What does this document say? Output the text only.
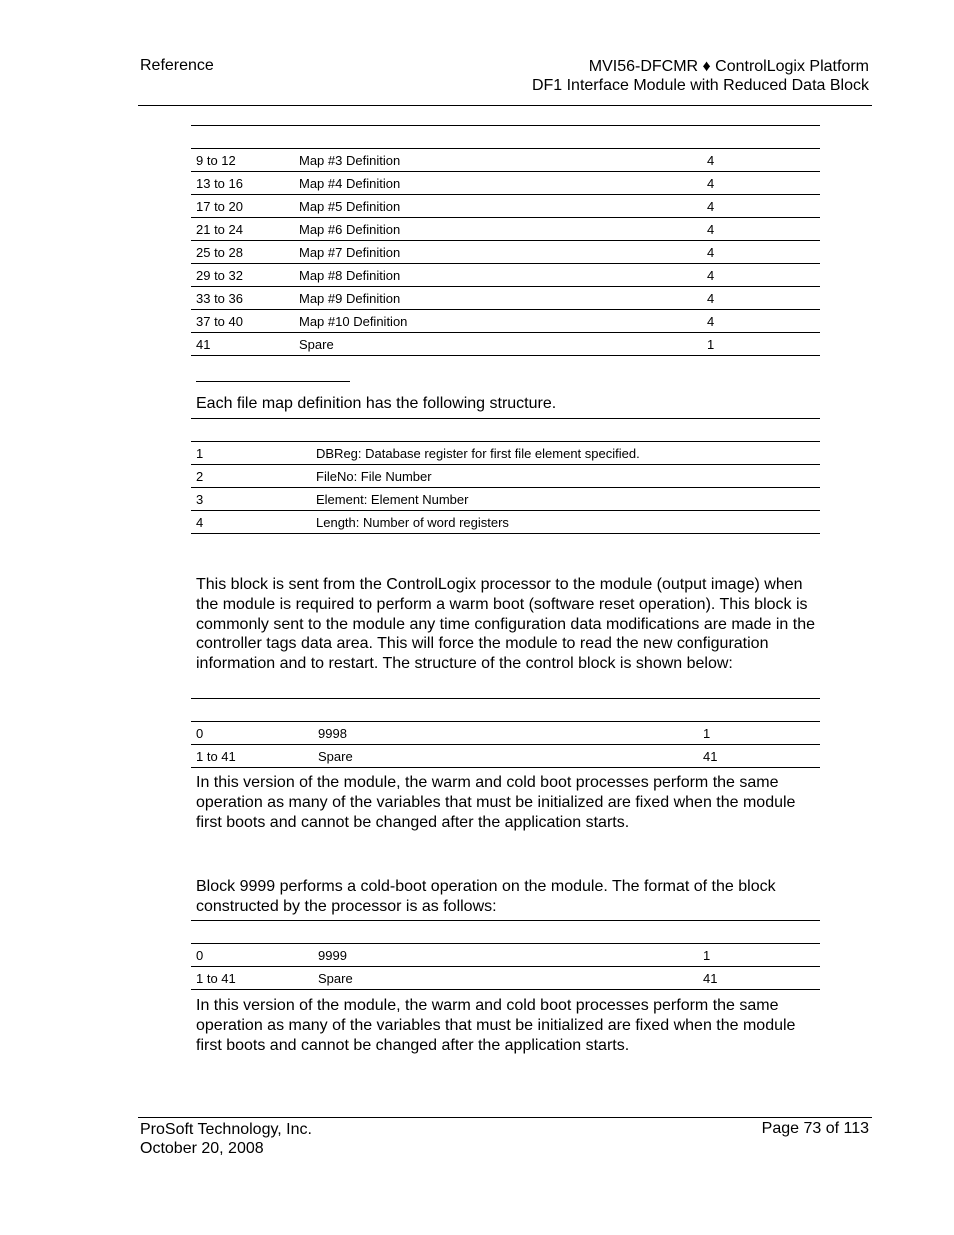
Reference	MVI56-DFCMR ♦ ControlLogix Platform
DF1 Interface Module with Reduced Data Block
9 to 12	Map #3 Definition	4
13 to 16	Map #4 Definition	4
17 to 20	Map #5 Definition	4
21 to 24	Map #6 Definition	4
25 to 28	Map #7 Definition	4
29 to 32	Map #8 Definition	4
33 to 36	Map #9 Definition	4
37 to 40	Map #10 Definition	4
41	Spare	1
Each file map definition has the following structure.
1	DBReg: Database register for first file element specified.
2	FileNo: File Number
3	Element: Element Number
4	Length: Number of word registers
This block is sent from the ControlLogix processor to the module (output image) when the module is required to perform a warm boot (software reset operation). This block is commonly sent to the module any time configuration data modifications are made in the controller tags data area. This will force the module to read the new configuration information and to restart. The structure of the control block is shown below:
0	9998	1
1 to 41	Spare	41
In this version of the module, the warm and cold boot processes perform the same operation as many of the variables that must be initialized are fixed when the module first boots and cannot be changed after the application starts.
Block 9999 performs a cold-boot operation on the module. The format of the block constructed by the processor is as follows:
0	9999	1
1 to 41	Spare	41
In this version of the module, the warm and cold boot processes perform the same operation as many of the variables that must be initialized are fixed when the module first boots and cannot be changed after the application starts.
ProSoft Technology, Inc.
October 20, 2008
Page 73 of 113
